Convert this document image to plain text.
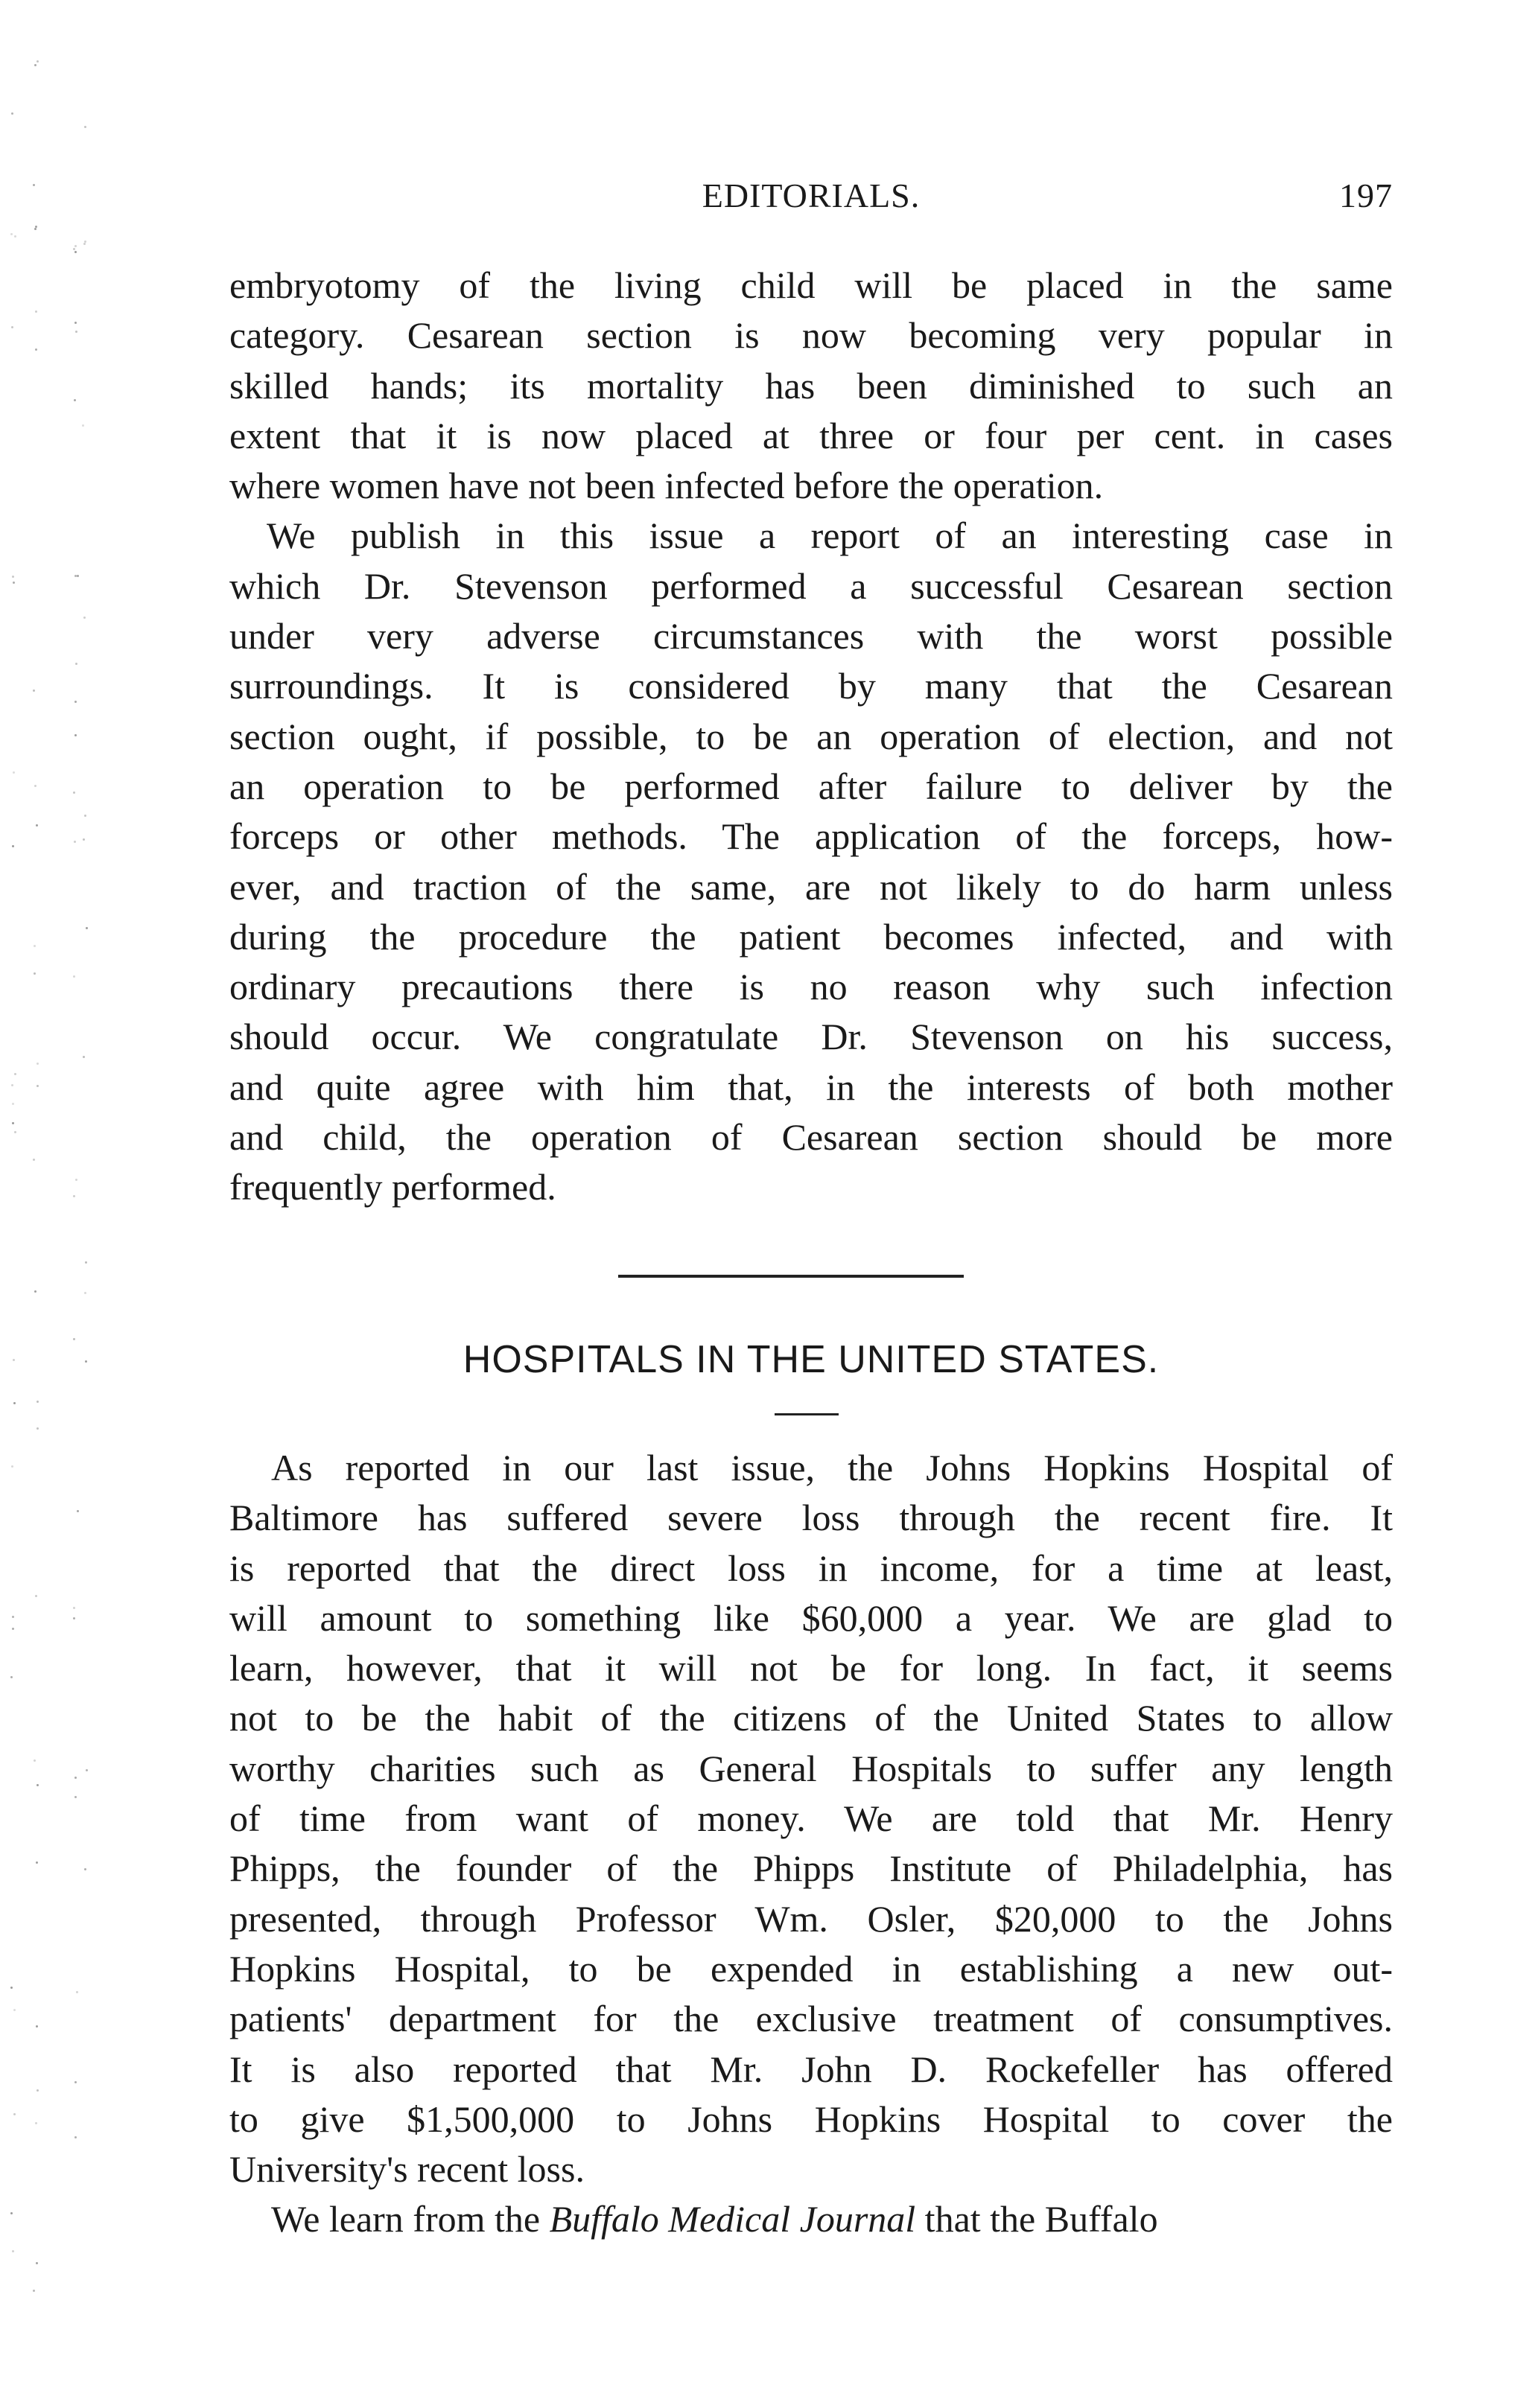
EDITORIALS.	197
embryotomy of the living child will be placed in the same
category. Cesarean section is now becoming very popular in
skilled hands; its mortality has been diminished to such an
extent that it is now placed at three or four per cent. in cases
where women have not been infected before the operation.
We publish in this issue a report of an interesting case in
which Dr. Stevenson performed a successful Cesarean section
under very adverse circumstances with the worst possible
surroundings. It is considered by many that the Cesarean
section ought, if possible, to be an operation of election, and not
an operation to be performed after failure to deliver by the
forceps or other methods. The application of the forceps, how-
ever, and traction of the same, are not likely to do harm unless
during the procedure the patient becomes infected, and with
ordinary precautions there is no reason why such infection
should occur. We congratulate Dr. Stevenson on his success,
and quite agree with him that, in the interests of both mother
and child, the operation of Cesarean section should be more
frequently performed.
HOSPITALS IN THE UNITED STATES.
As reported in our last issue, the Johns Hopkins Hospital of
Baltimore has suffered severe loss through the recent fire. It
is reported that the direct loss in income, for a time at least,
will amount to something like $60,000 a year. We are glad to
learn, however, that it will not be for long. In fact, it seems
not to be the habit of the citizens of the United States to allow
worthy charities such as General Hospitals to suffer any length
of time from want of money. We are told that Mr. Henry
Phipps, the founder of the Phipps Institute of Philadelphia, has
presented, through Professor Wm. Osler, $20,000 to the Johns
Hopkins Hospital, to be expended in establishing a new out-
patients' department for the exclusive treatment of consumptives.
It is also reported that Mr. John D. Rockefeller has offered
to give $1,500,000 to Johns Hopkins Hospital to cover the
University's recent loss.
We learn from the Buffalo Medical Journal that the Buffalo
